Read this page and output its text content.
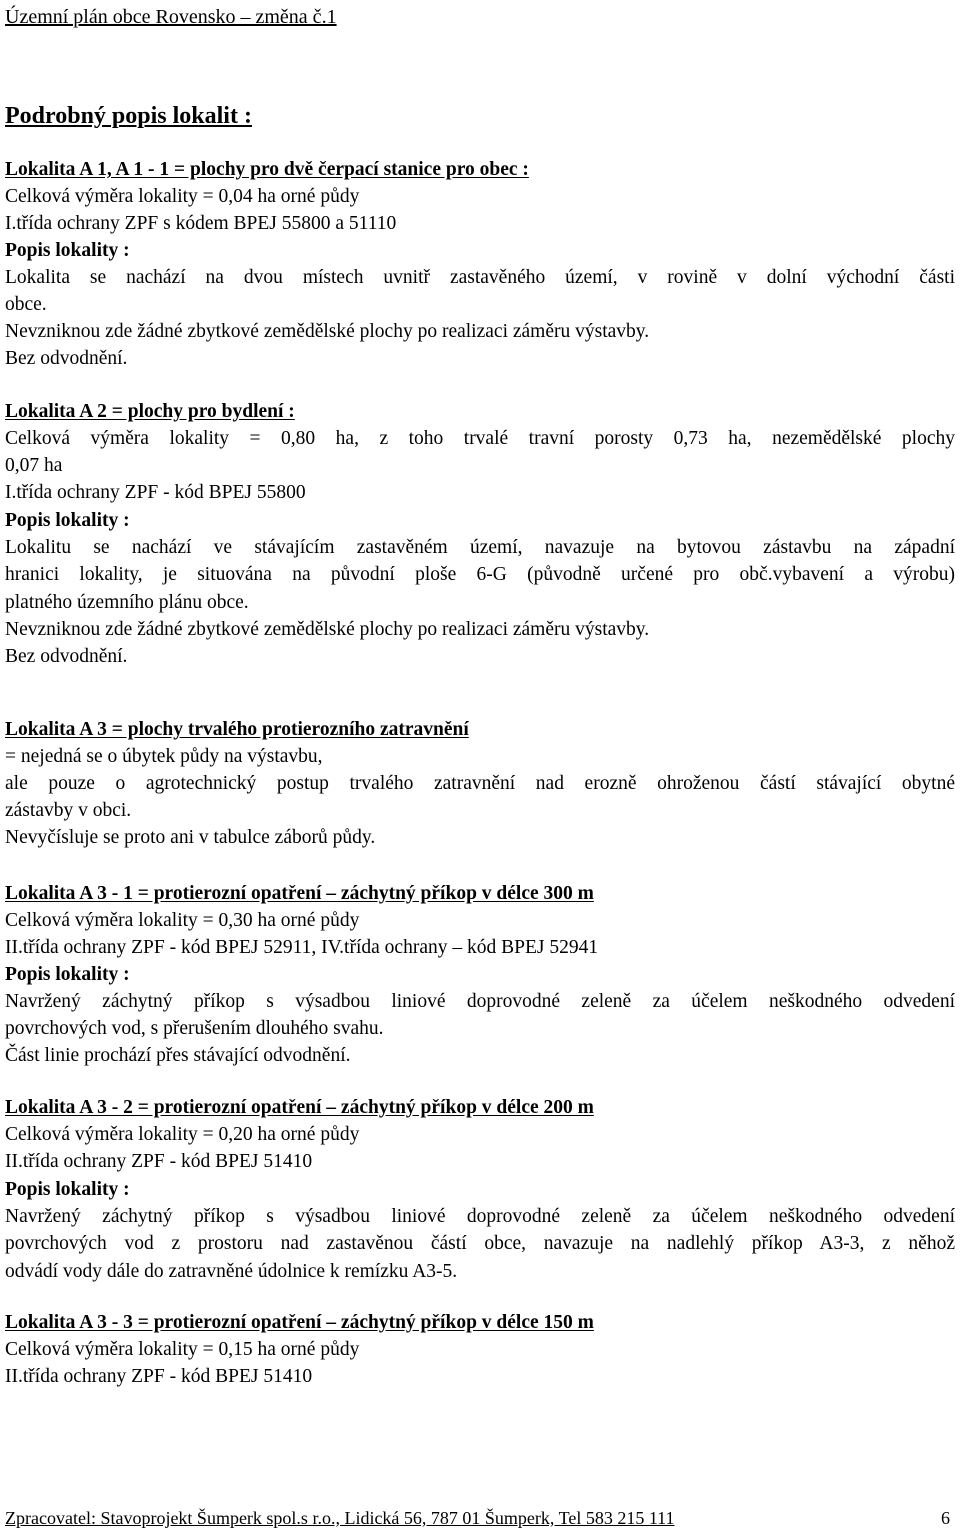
Územní plán obce Rovensko – změna č.1
Podrobný popis lokalit :
Lokalita A 1, A 1 - 1 = plochy pro dvě čerpací stanice pro obec :
Celková výměra lokality = 0,04 ha orné půdy
I.třída ochrany ZPF s kódem BPEJ 55800 a 51110
Popis lokality :
Lokalita se nachází na dvou místech uvnitř zastavěného území, v rovině v dolní východní části
obce.
Nevzniknou zde žádné zbytkové zemědělské plochy po realizaci záměru výstavby.
Bez odvodnění.
Lokalita A 2 = plochy pro bydlení :
Celková výměra lokality = 0,80 ha, z toho trvalé travní porosty 0,73 ha, nezemědělské plochy
0,07 ha
I.třída ochrany ZPF - kód BPEJ 55800
Popis lokality :
Lokalitu se nachází ve stávajícím zastavěném území, navazuje na bytovou zástavbu na západní
hranici lokality, je situována na původní ploše 6-G (původně určené pro obč.vybavení a výrobu)
platného územního plánu obce.
Nevzniknou zde žádné zbytkové zemědělské plochy po realizaci záměru výstavby.
Bez odvodnění.
Lokalita A 3 = plochy trvalého protierozního zatravnění
= nejedná se o úbytek půdy na výstavbu,
ale pouze o agrotechnický postup trvalého zatravnění nad erozně ohroženou částí stávající obytné
zástavby v obci.
Nevyčísluje se proto ani v tabulce záborů půdy.
Lokalita A 3 - 1 = protierozní opatření – záchytný příkop v délce 300 m
Celková výměra lokality = 0,30 ha orné půdy
II.třída ochrany ZPF - kód BPEJ 52911, IV.třída ochrany – kód BPEJ 52941
Popis lokality :
Navržený záchytný příkop s výsadbou liniové doprovodné zeleně za účelem neškodného odvedení
povrchových vod, s přerušením dlouhého svahu.
Část linie prochází přes stávající odvodnění.
Lokalita A 3 - 2 = protierozní opatření – záchytný příkop v délce 200 m
Celková výměra lokality = 0,20 ha orné půdy
II.třída ochrany ZPF - kód BPEJ 51410
Popis lokality :
Navržený záchytný příkop s výsadbou liniové doprovodné zeleně za účelem neškodného odvedení
povrchových vod z prostoru nad zastavěnou částí obce, navazuje na nadlehlý příkop A3-3, z něhož
odvádí vody dále do zatravněné údolnice k remízku A3-5.
Lokalita A 3 - 3 = protierozní opatření – záchytný příkop v délce 150 m
Celková výměra lokality = 0,15 ha orné půdy
II.třída ochrany ZPF - kód BPEJ 51410
Zpracovatel: Stavoprojekt Šumperk spol.s r.o., Lidická 56, 787 01 Šumperk, Tel 583 215 111	6
